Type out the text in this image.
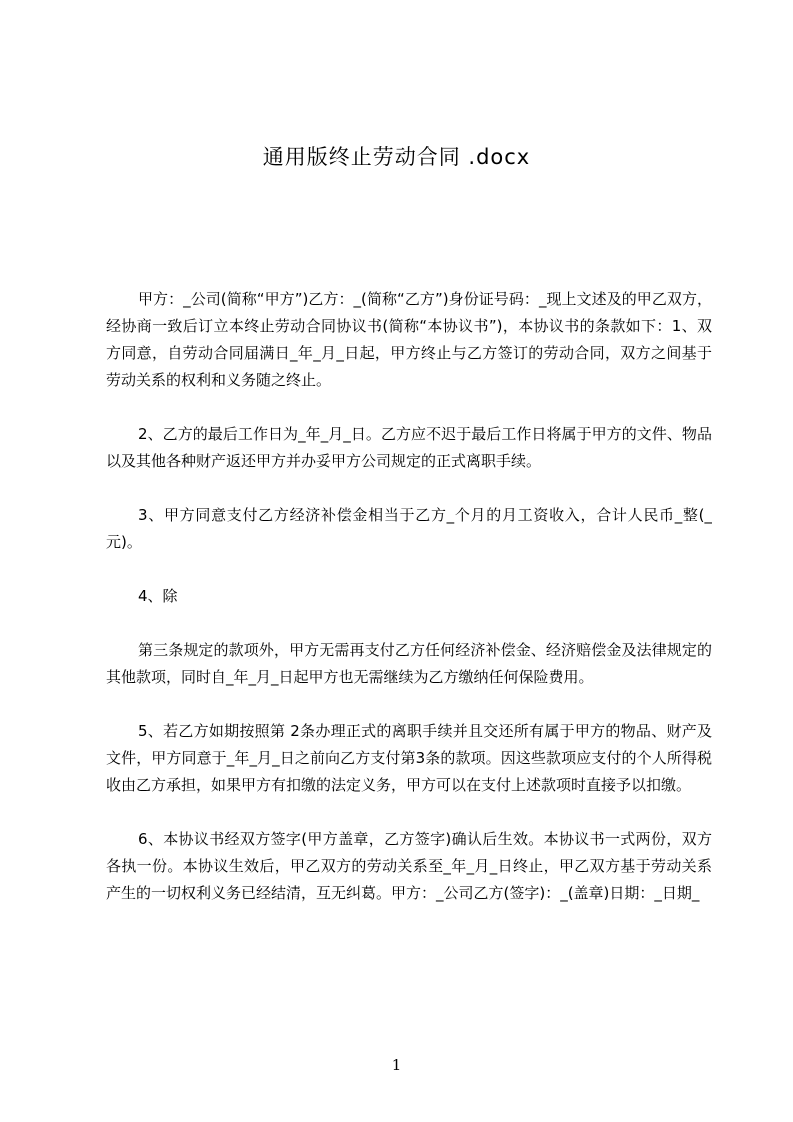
通用版终止劳动合同 .docx

甲方：_公司(简称“甲方”)乙方：_(简称“乙方”)身份证号码：_现上文述及的甲乙双方，经协商一致后订立本终止劳动合同协议书(简称“本协议书”)，本协议书的条款如下：1、双方同意，自劳动合同届满日_年_月_日起，甲方终止与乙方签订的劳动合同，双方之间基于劳动关系的权利和义务随之终止。

2、乙方的最后工作日为_年_月_日。乙方应不迟于最后工作日将属于甲方的文件、物品以及其他各种财产返还甲方并办妥甲方公司规定的正式离职手续。

3、甲方同意支付乙方经济补偿金相当于乙方_个月的月工资收入，合计人民币_整(_元)。

4、除

第三条规定的款项外，甲方无需再支付乙方任何经济补偿金、经济赔偿金及法律规定的其他款项，同时自_年_月_日起甲方也无需继续为乙方缴纳任何保险费用。

5、若乙方如期按照第 2条办理正式的离职手续并且交还所有属于甲方的物品、财产及文件，甲方同意于_年_月_日之前向乙方支付第3条的款项。因这些款项应支付的个人所得税收由乙方承担，如果甲方有扣缴的法定义务，甲方可以在支付上述款项时直接予以扣缴。

6、本协议书经双方签字(甲方盖章，乙方签字)确认后生效。本协议书一式两份，双方各执一份。本协议生效后，甲乙双方的劳动关系至_年_月_日终止，甲乙双方基于劳动关系产生的一切权利义务已经结清，互无纠葛。甲方：_公司乙方(签字)：_(盖章)日期：_日期_

1
